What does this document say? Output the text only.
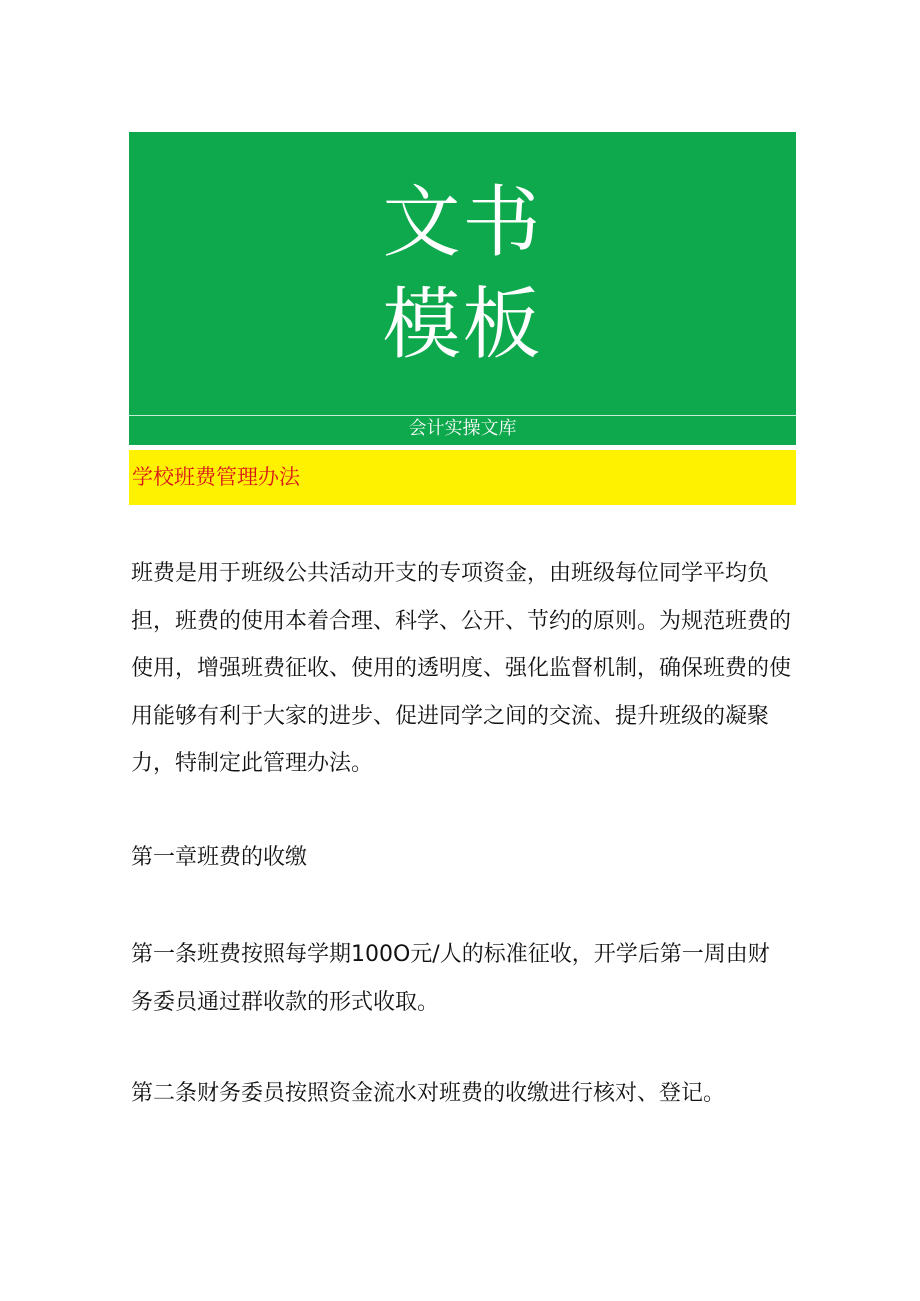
文书
模板
会计实操文库
学校班费管理办法

班费是用于班级公共活动开支的专项资金，由班级每位同学平均负担，班费的使用本着合理、科学、公开、节约的原则。为规范班费的使用，增强班费征收、使用的透明度、强化监督机制，确保班费的使用能够有利于大家的进步、促进同学之间的交流、提升班级的凝聚力，特制定此管理办法。

第一章班费的收缴

第一条班费按照每学期100O元/人的标准征收，开学后第一周由财务委员通过群收款的形式收取。

第二条财务委员按照资金流水对班费的收缴进行核对、登记。
